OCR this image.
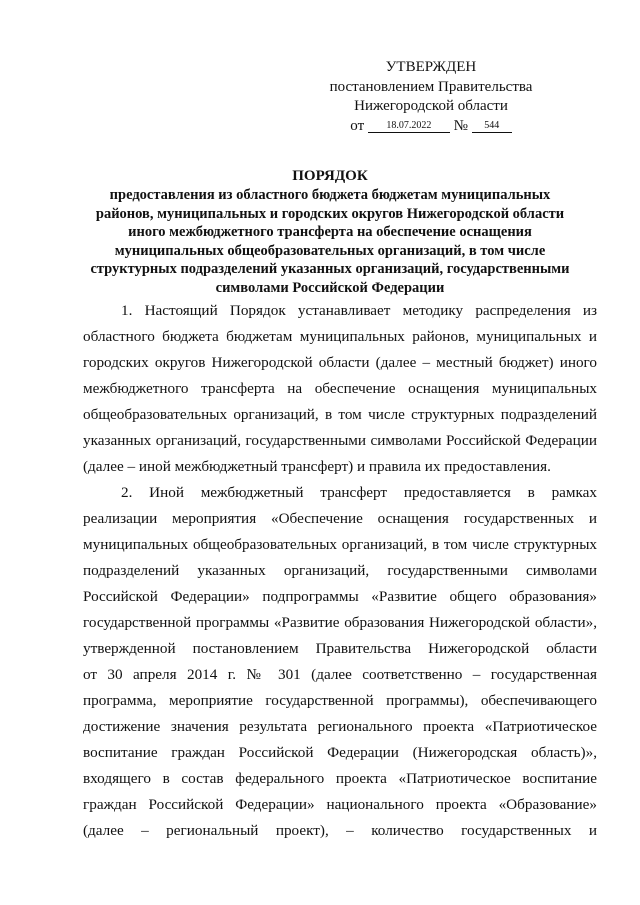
УТВЕРЖДЕН
постановлением Правительства
Нижегородской области
от 18.07.2022 № 544
ПОРЯДОК
предоставления из областного бюджета бюджетам муниципальных
районов, муниципальных и городских округов Нижегородской области
иного межбюджетного трансферта на обеспечение оснащения
муниципальных общеобразовательных организаций, в том числе
структурных подразделений указанных организаций, государственными
символами Российской Федерации
1. Настоящий Порядок устанавливает методику распределения из
областного бюджета бюджетам муниципальных районов, муниципальных и
городских округов Нижегородской области (далее – местный бюджет) иного
межбюджетного трансферта на обеспечение оснащения муниципальных
общеобразовательных организаций, в том числе структурных подразделений
указанных организаций, государственными символами Российской Федерации
(далее – иной межбюджетный трансферт) и правила их предоставления.
2. Иной межбюджетный трансферт предоставляется в рамках
реализации мероприятия «Обеспечение оснащения государственных и
муниципальных общеобразовательных организаций, в том числе структурных
подразделений указанных организаций, государственными символами
Российской Федерации» подпрограммы «Развитие общего образования»
государственной программы «Развитие образования Нижегородской области»,
утвержденной постановлением Правительства Нижегородской области
от 30 апреля 2014 г. № 301 (далее соответственно – государственная
программа, мероприятие государственной программы), обеспечивающего
достижение значения результата регионального проекта «Патриотическое
воспитание граждан Российской Федерации (Нижегородская область)»,
входящего в состав федерального проекта «Патриотическое воспитание
граждан Российской Федерации» национального проекта «Образование»
(далее – региональный проект), – количество государственных и
